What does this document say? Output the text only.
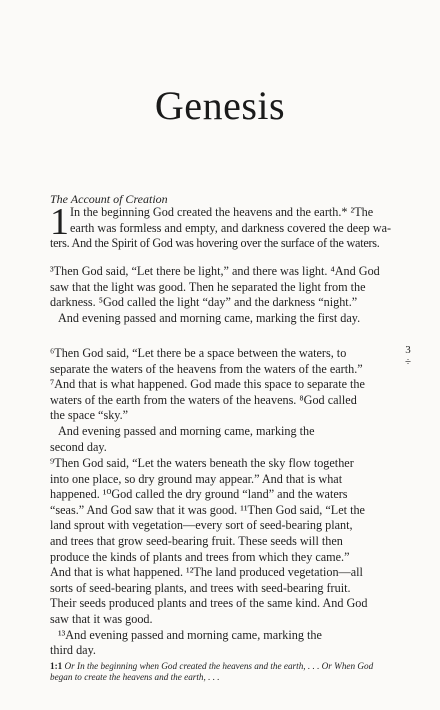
Genesis
The Account of Creation
1 In the beginning God created the heavens and the earth.* ²The
earth was formless and empty, and darkness covered the deep wa-
ters. And the Spirit of God was hovering over the surface of the waters.
³Then God said, “Let there be light,” and there was light. ⁴And God
saw that the light was good. Then he separated the light from the
darkness. ⁵God called the light “day” and the darkness “night.”
And evening passed and morning came, marking the first day.
⁶Then God said, “Let there be a space between the waters, to
separate the waters of the heavens from the waters of the earth.”
⁷And that is what happened. God made this space to separate the
waters of the earth from the waters of the heavens. ⁸God called
the space “sky.”
And evening passed and morning came, marking the
second day.
⁹Then God said, “Let the waters beneath the sky flow together
into one place, so dry ground may appear.” And that is what
happened. ¹⁰God called the dry ground “land” and the waters
“seas.” And God saw that it was good. ¹¹Then God said, “Let the
land sprout with vegetation—every sort of seed-bearing plant,
and trees that grow seed-bearing fruit. These seeds will then
produce the kinds of plants and trees from which they came.”
And that is what happened. ¹²The land produced vegetation—all
sorts of seed-bearing plants, and trees with seed-bearing fruit.
Their seeds produced plants and trees of the same kind. And God
saw that it was good.
¹³And evening passed and morning came, marking the
third day.
3
÷
1:1 Or In the beginning when God created the heavens and the earth, . . . Or When God began to create the heavens and the earth, . . .
